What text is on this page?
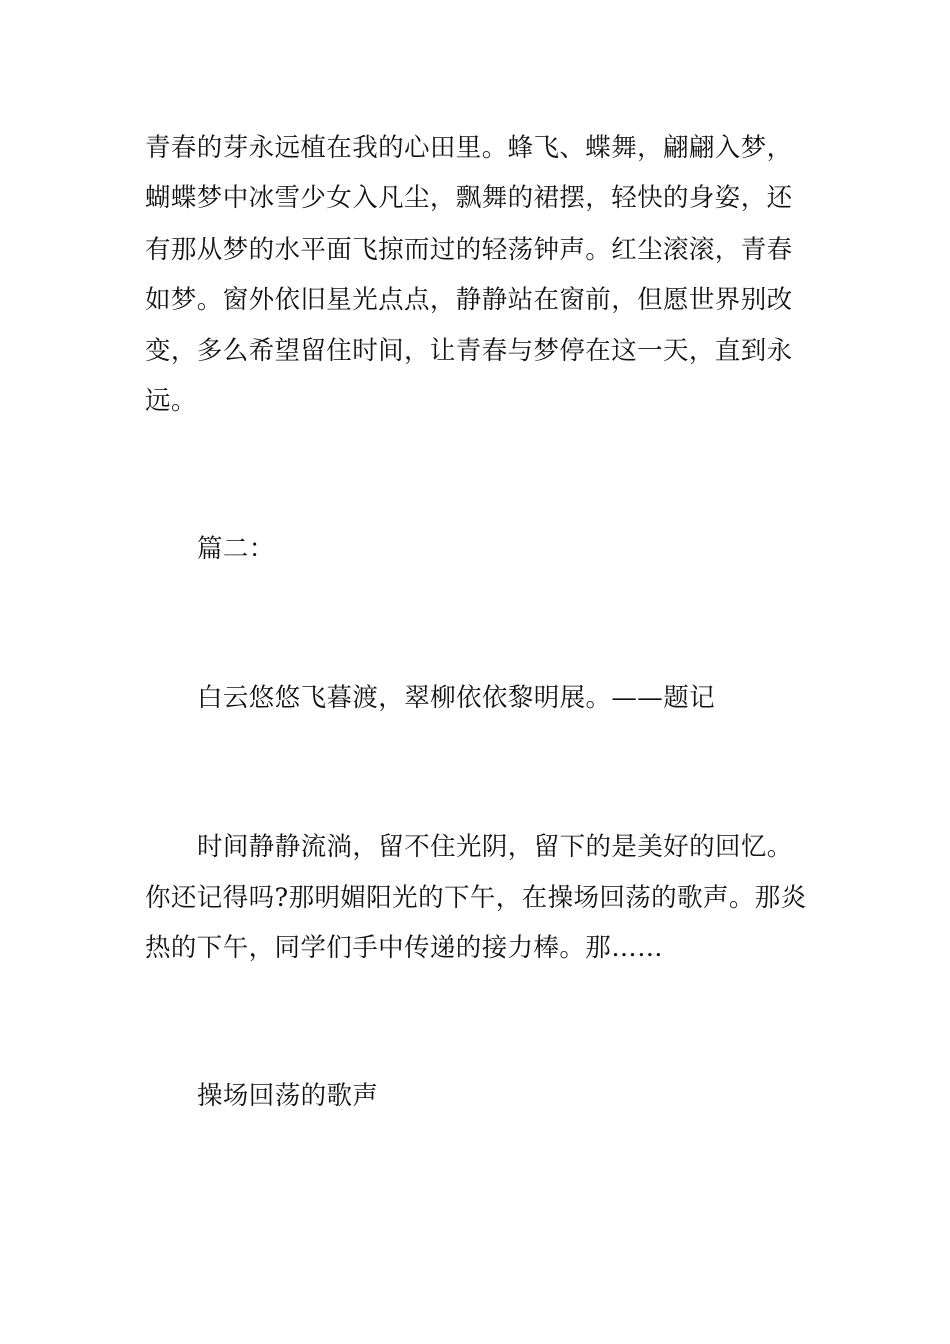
青春的芽永远植在我的心田里。蜂飞、蝶舞，翩翩入梦，
蝴蝶梦中冰雪少女入凡尘，飘舞的裙摆，轻快的身姿，还
有那从梦的水平面飞掠而过的轻荡钟声。红尘滚滚，青春
如梦。窗外依旧星光点点，静静站在窗前，但愿世界别改
变，多么希望留住时间，让青春与梦停在这一天，直到永
远。
篇二：
白云悠悠飞暮渡，翠柳依依黎明展。——题记
时间静静流淌，留不住光阴，留下的是美好的回忆。
你还记得吗?那明媚阳光的下午，在操场回荡的歌声。那炎
热的下午，同学们手中传递的接力棒。那……
操场回荡的歌声
